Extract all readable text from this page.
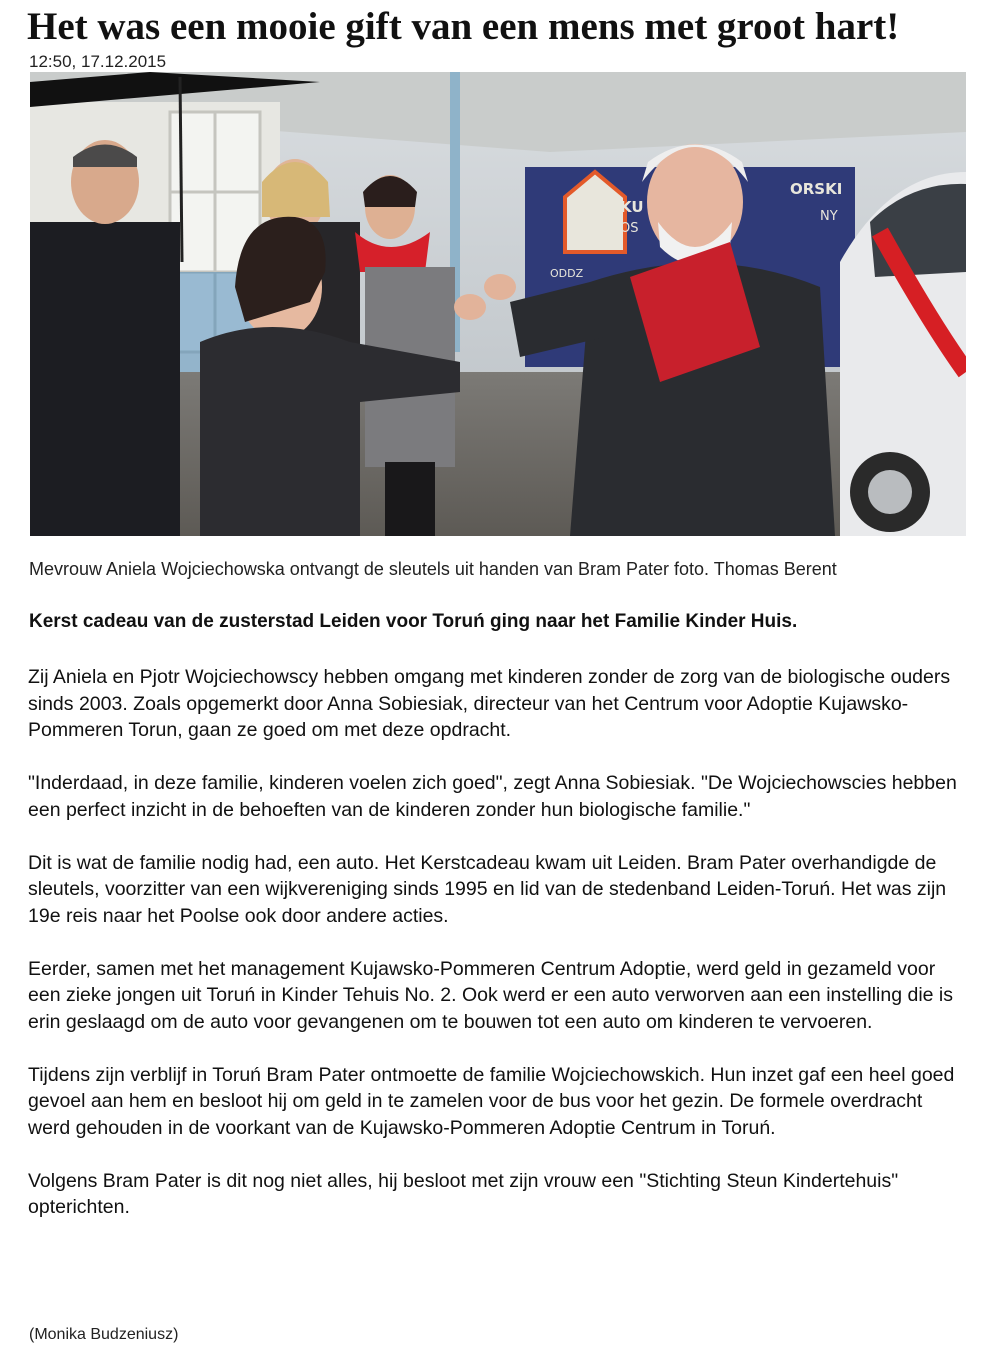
Het was een mooie gift van een mens met groot hart!
12:50, 17.12.2015
KU
ORSKI
OS
NY
ODDZ
Mevrouw Aniela Wojciechowska ontvangt de sleutels uit handen van Bram Pater foto. Thomas Berent
Kerst cadeau van de zusterstad Leiden voor Toruń ging naar het Familie Kinder Huis.

Zij Aniela en Pjotr Wojciechowscy hebben omgang met kinderen zonder de zorg van de biologische ouders sinds 2003. Zoals opgemerkt door Anna Sobiesiak, directeur van het Centrum voor Adoptie Kujawsko-Pommeren Torun, gaan ze goed om met deze opdracht.

"Inderdaad, in deze familie, kinderen voelen zich goed", zegt Anna Sobiesiak. "De Wojciechowscies hebben een perfect inzicht in de behoeften van de kinderen zonder hun biologische familie."

Dit is wat de familie nodig had, een auto. Het Kerstcadeau kwam uit Leiden. Bram Pater overhandigde de sleutels, voorzitter van een wijkvereniging sinds 1995 en lid van de stedenband Leiden-Toruń. Het was zijn 19e reis naar het Poolse ook door andere acties.

Eerder, samen met het management Kujawsko-Pommeren Centrum Adoptie, werd geld in gezameld voor een zieke jongen uit Toruń in Kinder Tehuis No. 2. Ook werd er een auto verworven aan een instelling die is erin geslaagd om de auto voor gevangenen om te bouwen tot een auto om kinderen te vervoeren.

Tijdens zijn verblijf in Toruń Bram Pater ontmoette de familie Wojciechowskich. Hun inzet gaf een heel goed gevoel aan hem en besloot hij om geld in te zamelen voor de bus voor het gezin. De formele overdracht werd gehouden in de voorkant van de Kujawsko-Pommeren Adoptie Centrum in Toruń.

Volgens Bram Pater is dit nog niet alles, hij besloot met zijn vrouw een "Stichting Steun Kindertehuis" opterichten.

(Monika Budzeniusz)
